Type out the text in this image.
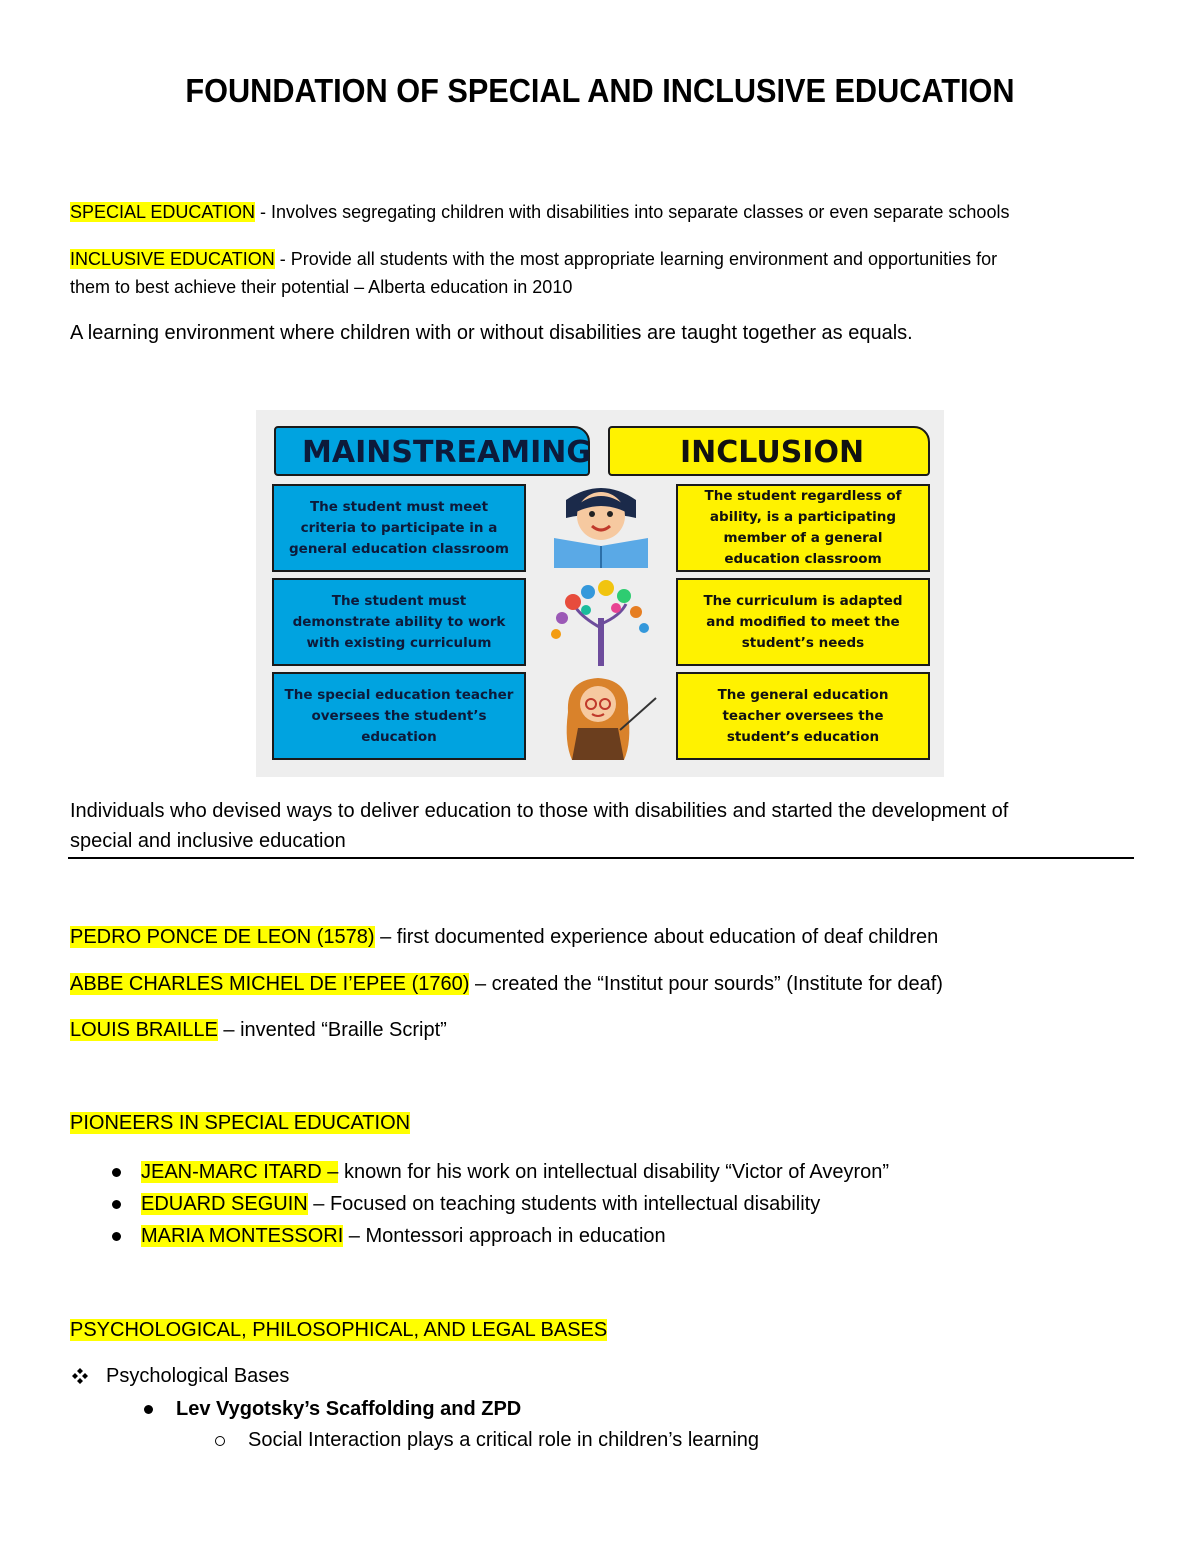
FOUNDATION OF SPECIAL AND INCLUSIVE EDUCATION
SPECIAL EDUCATION - Involves segregating children with disabilities into separate classes or even separate schools
INCLUSIVE EDUCATION - Provide all students with the most appropriate learning environment and opportunities for
them to best achieve their potential – Alberta education in 2010
A learning environment where children with or without disabilities are taught together as equals.
MAINSTREAMING	INCLUSION
The student must meet criteria to participate in a general education classroom
The student must demonstrate ability to work with existing curriculum
The special education teacher oversees the student’s education
The student regardless of ability, is a participating member of a general education classroom
The curriculum is adapted and modified to meet the student’s needs
The general education teacher oversees the student’s education
Individuals who devised ways to deliver education to those with disabilities and started the development of
special and inclusive education
PEDRO PONCE DE LEON (1578) – first documented experience about education of deaf children
ABBE CHARLES MICHEL DE I’EPEE (1760) – created the “Institut pour sourds” (Institute for deaf)
LOUIS BRAILLE – invented “Braille Script”
PIONEERS IN SPECIAL EDUCATION
JEAN-MARC ITARD – known for his work on intellectual disability “Victor of Aveyron”
EDUARD SEGUIN – Focused on teaching students with intellectual disability
MARIA MONTESSORI – Montessori approach in education
PSYCHOLOGICAL, PHILOSOPHICAL, AND LEGAL BASES
Psychological Bases
Lev Vygotsky’s Scaffolding and ZPD
Social Interaction plays a critical role in children’s learning
